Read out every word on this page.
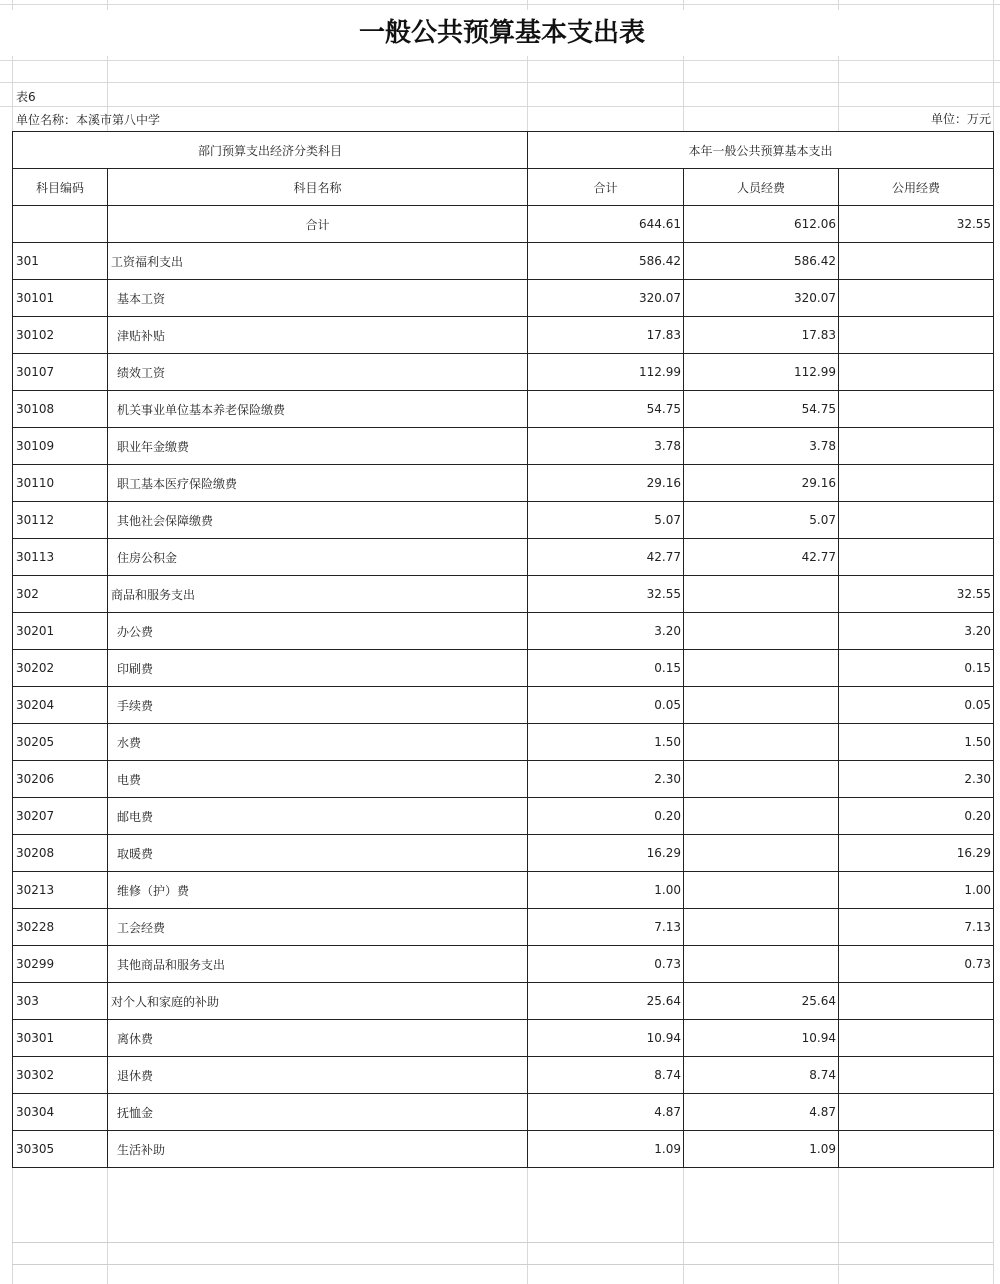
一般公共预算基本支出表
表6
单位名称：本溪市第八中学	单位：万元
部门预算支出经济分类科目		本年一般公共预算基本支出		
科目编码	科目名称	合计	人员经费	公用经费
	合计	644.61	612.06	32.55
301	工资福利支出	586.42	586.42	
30101	基本工资	320.07	320.07	
30102	津贴补贴	17.83	17.83	
30107	绩效工资	112.99	112.99	
30108	机关事业单位基本养老保险缴费	54.75	54.75	
30109	职业年金缴费	3.78	3.78	
30110	职工基本医疗保险缴费	29.16	29.16	
30112	其他社会保障缴费	5.07	5.07	
30113	住房公积金	42.77	42.77	
302	商品和服务支出	32.55		32.55
30201	办公费	3.20		3.20
30202	印刷费	0.15		0.15
30204	手续费	0.05		0.05
30205	水费	1.50		1.50
30206	电费	2.30		2.30
30207	邮电费	0.20		0.20
30208	取暖费	16.29		16.29
30213	维修（护）费	1.00		1.00
30228	工会经费	7.13		7.13
30299	其他商品和服务支出	0.73		0.73
303	对个人和家庭的补助	25.64	25.64	
30301	离休费	10.94	10.94	
30302	退休费	8.74	8.74	
30304	抚恤金	4.87	4.87	
30305	生活补助	1.09	1.09	
